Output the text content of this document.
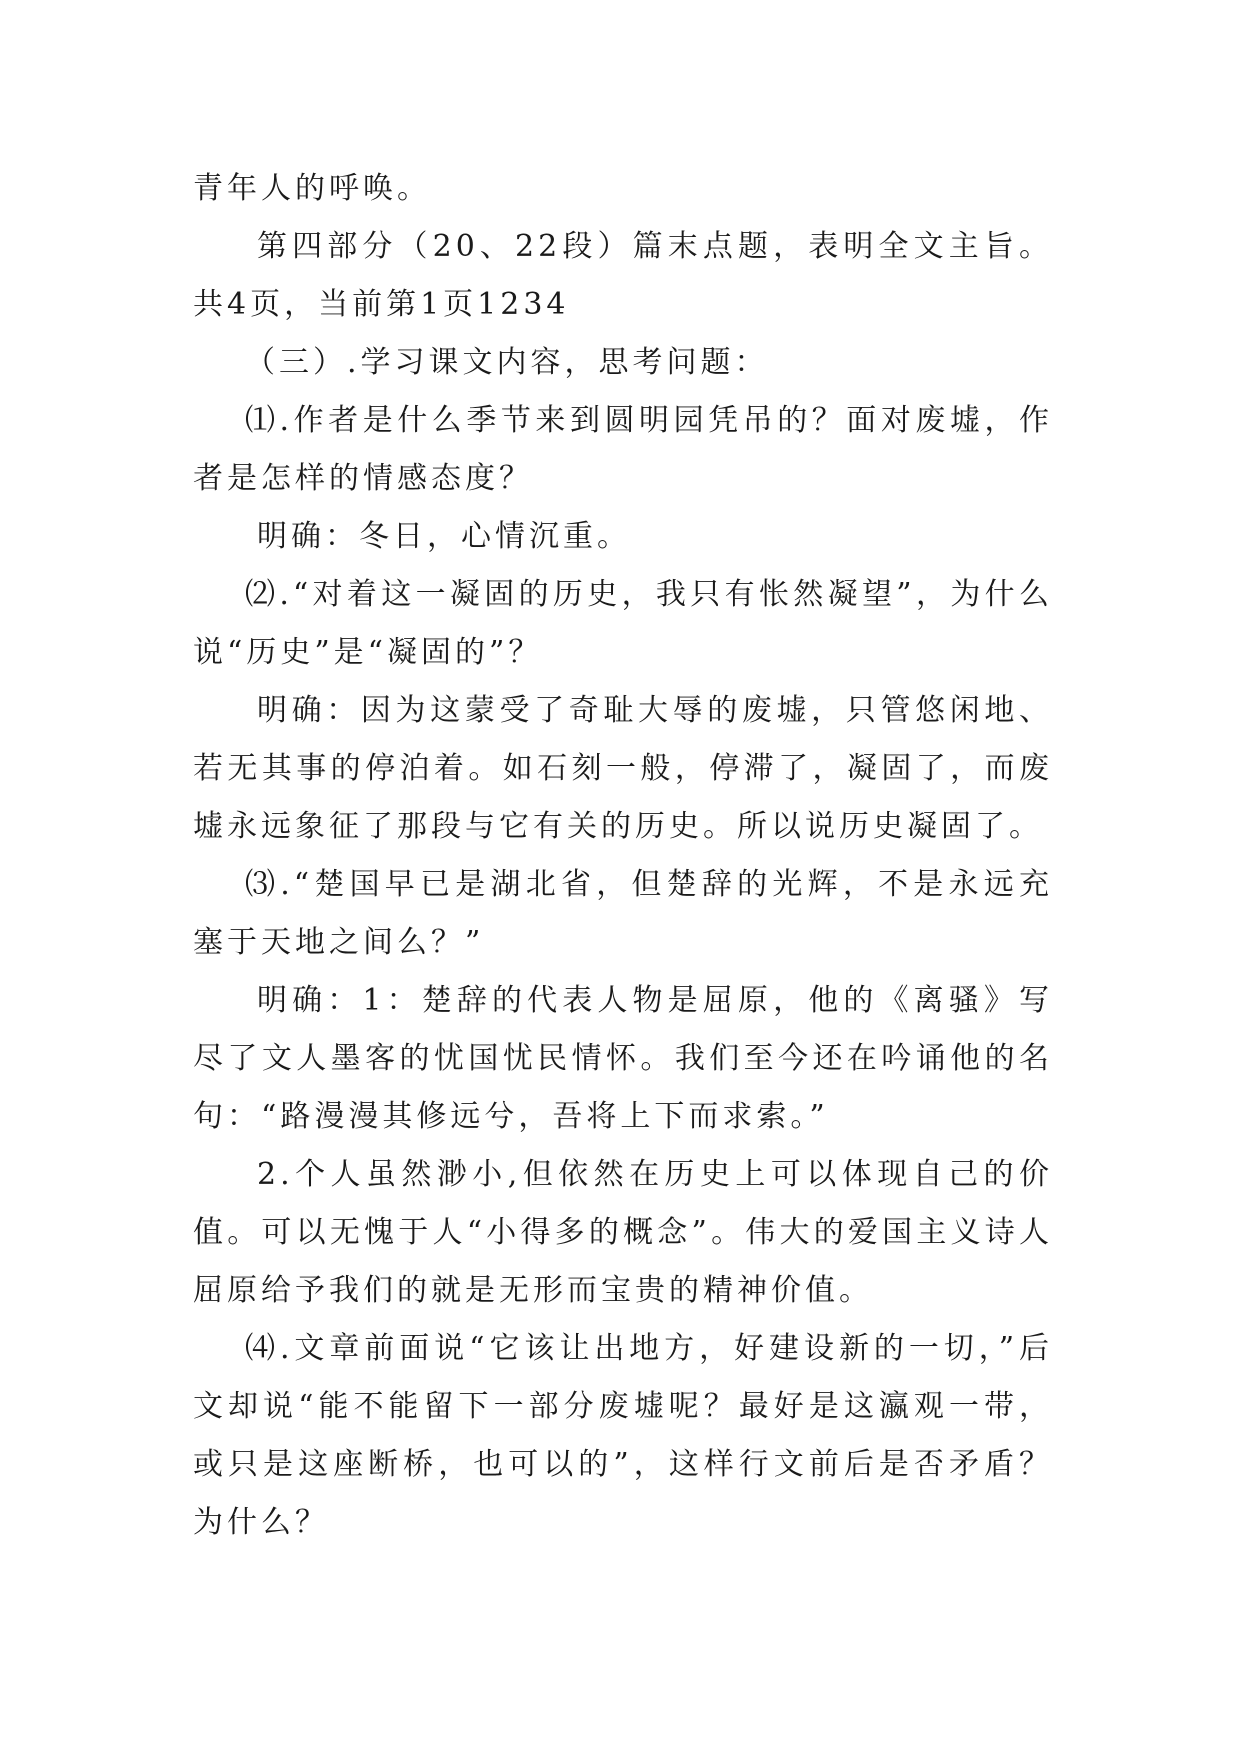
青年人的呼唤。

第四部分（20、22段）篇末点题，表明全文主旨。共4页，当前第1页1234

（三）.学习课文内容，思考问题：

⑴.作者是什么季节来到圆明园凭吊的？面对废墟，作者是怎样的情感态度？

明确：冬日，心情沉重。

⑵.“对着这一凝固的历史，我只有怅然凝望”，为什么说“历史”是“凝固的”？

明确：因为这蒙受了奇耻大辱的废墟，只管悠闲地、若无其事的停泊着。如石刻一般，停滞了，凝固了，而废墟永远象征了那段与它有关的历史。所以说历史凝固了。

⑶.“楚国早已是湖北省，但楚辞的光辉，不是永远充塞于天地之间么？”

明确：1：楚辞的代表人物是屈原，他的《离骚》写尽了文人墨客的忧国忧民情怀。我们至今还在吟诵他的名句：“路漫漫其修远兮，吾将上下而求索。”

2.个人虽然渺小,但依然在历史上可以体现自己的价值。可以无愧于人“小得多的概念”。伟大的爱国主义诗人屈原给予我们的就是无形而宝贵的精神价值。

⑷.文章前面说“它该让出地方，好建设新的一切，”后文却说“能不能留下一部分废墟呢？最好是这瀛观一带，或只是这座断桥，也可以的”，这样行文前后是否矛盾？为什么？
